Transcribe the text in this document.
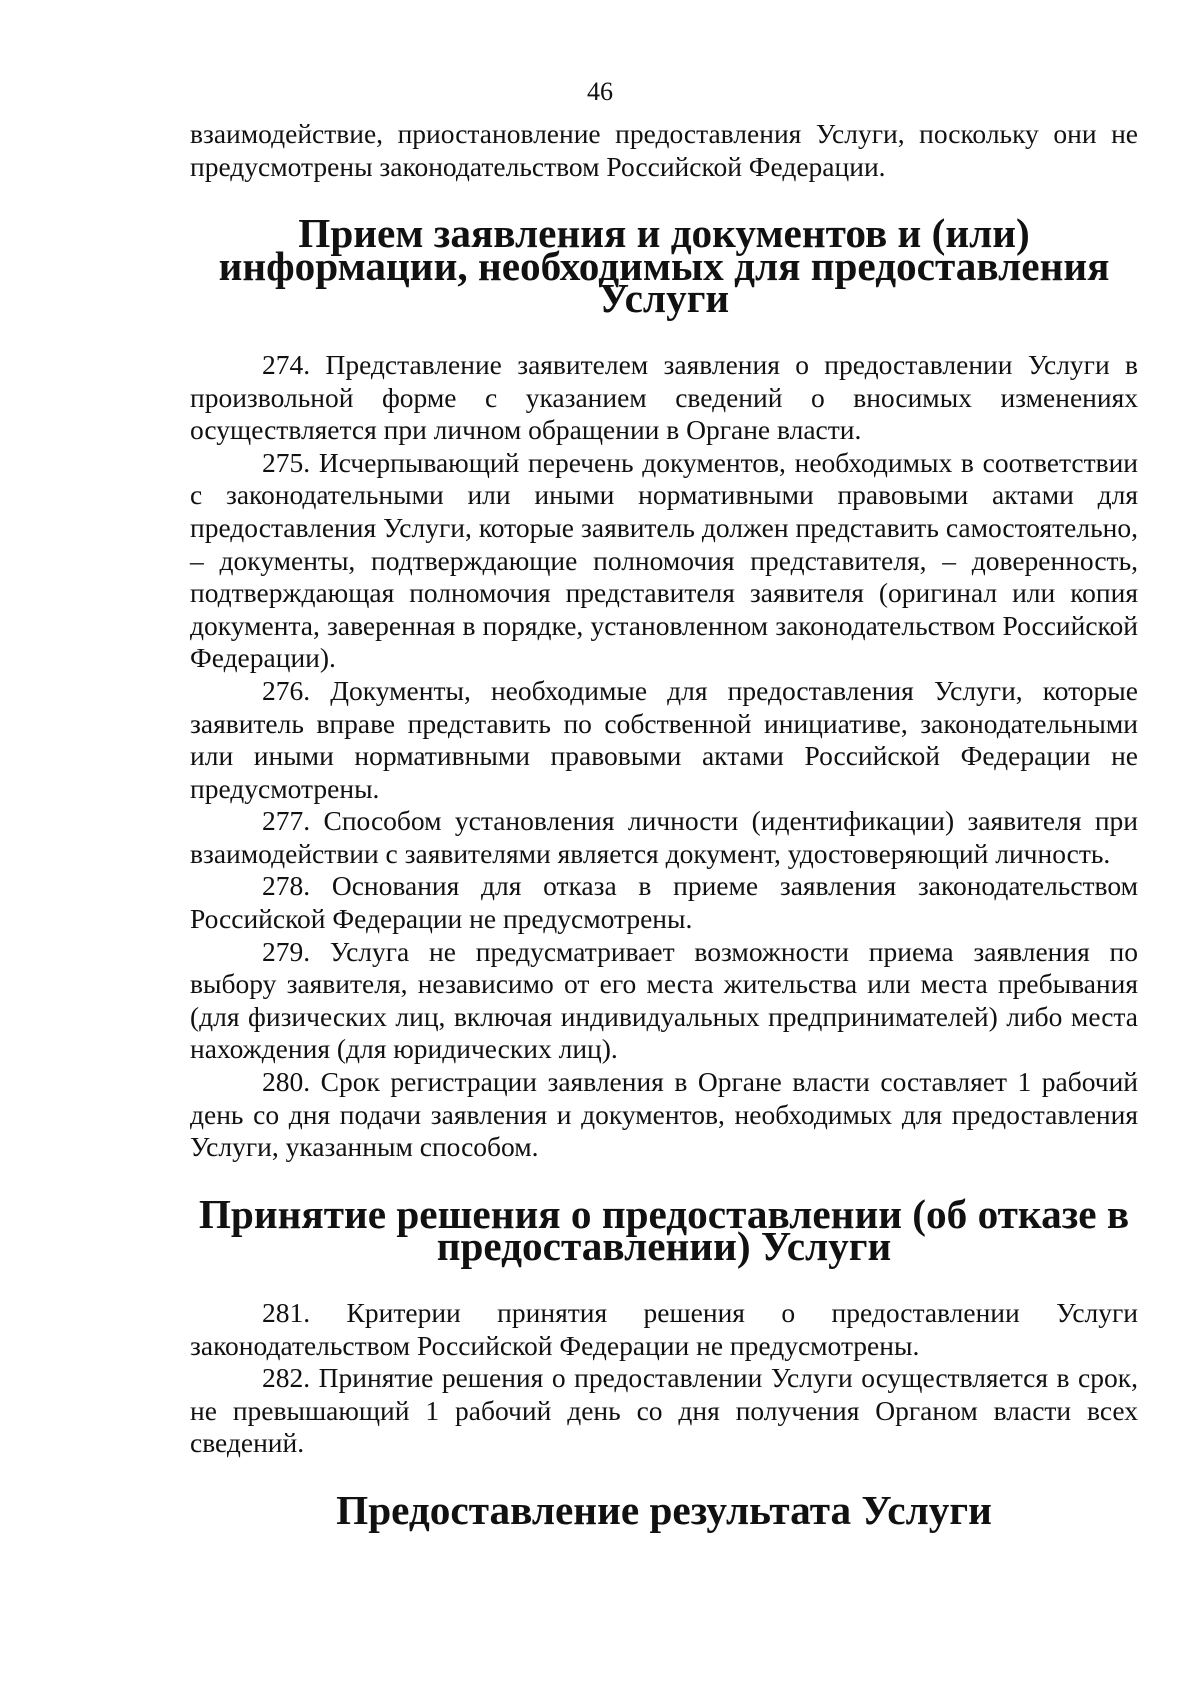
46

взаимодействие, приостановление предоставления Услуги, поскольку они не предусмотрены законодательством Российской Федерации.

Прием заявления и документов и (или) информации, необходимых для предоставления Услуги

274. Представление заявителем заявления о предоставлении Услуги в произвольной форме с указанием сведений о вносимых изменениях осуществляется при личном обращении в Органе власти.

275. Исчерпывающий перечень документов, необходимых в соответствии с законодательными или иными нормативными правовыми актами для предоставления Услуги, которые заявитель должен представить самостоятельно, – документы, подтверждающие полномочия представителя, – доверенность, подтверждающая полномочия представителя заявителя (оригинал или копия документа, заверенная в порядке, установленном законодательством Российской Федерации).

276. Документы, необходимые для предоставления Услуги, которые заявитель вправе представить по собственной инициативе, законодательными или иными нормативными правовыми актами Российской Федерации не предусмотрены.

277. Способом установления личности (идентификации) заявителя при взаимодействии с заявителями является документ, удостоверяющий личность.

278. Основания для отказа в приеме заявления законодательством Российской Федерации не предусмотрены.

279. Услуга не предусматривает возможности приема заявления по выбору заявителя, независимо от его места жительства или места пребывания (для физических лиц, включая индивидуальных предпринимателей) либо места нахождения (для юридических лиц).

280. Срок регистрации заявления в Органе власти составляет 1 рабочий день со дня подачи заявления и документов, необходимых для предоставления Услуги, указанным способом.

Принятие решения о предоставлении (об отказе в предоставлении) Услуги

281. Критерии принятия решения о предоставлении Услуги законодательством Российской Федерации не предусмотрены.

282. Принятие решения о предоставлении Услуги осуществляется в срок, не превышающий 1 рабочий день со дня получения Органом власти всех сведений.

Предоставление результата Услуги
